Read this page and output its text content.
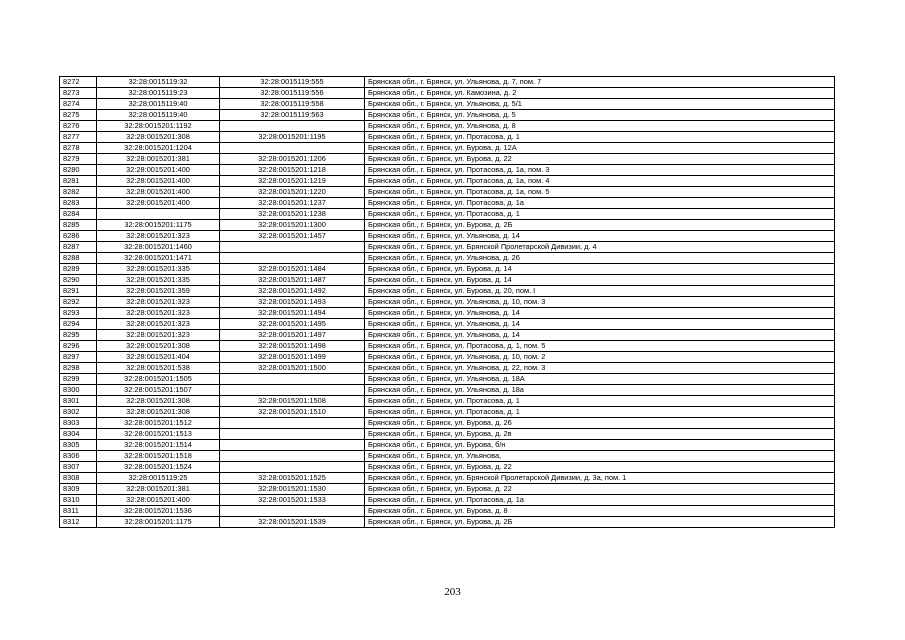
8272	32:28:0015119:32	32:28:0015119:555	Брянская обл., г. Брянск, ул. Ульянова, д. 7, пом. 7
8273	32:28:0015119:23	32:28:0015119:556	Брянская обл., г. Брянск, ул. Камозина, д. 2
8274	32:28:0015119:40	32:28:0015119:558	Брянская обл., г. Брянск, ул. Ульянова, д. 5/1
8275	32:28:0015119:40	32:28:0015119:563	Брянская обл., г. Брянск, ул. Ульянова, д. 5
8276	32:28:0015201:1192		Брянская обл., г. Брянск, ул. Ульянова, д. 8
8277	32:28:0015201:308	32:28:0015201:1195	Брянская обл., г. Брянск, ул. Протасова, д. 1
8278	32:28:0015201:1204		Брянская обл., г. Брянск, ул. Бурова, д. 12А
8279	32:28:0015201:381	32:28:0015201:1206	Брянская обл., г. Брянск, ул. Бурова, д. 22
8280	32:28:0015201:400	32:28:0015201:1218	Брянская обл., г. Брянск, ул. Протасова, д. 1а, пом. 3
8281	32:28:0015201:400	32:28:0015201:1219	Брянская обл., г. Брянск, ул. Протасова, д. 1а, пом. 4
8282	32:28:0015201:400	32:28:0015201:1220	Брянская обл., г. Брянск, ул. Протасова, д. 1а, пом. 5
8283	32:28:0015201:400	32:28:0015201:1237	Брянская обл., г. Брянск, ул. Протасова, д. 1а
8284		32:28:0015201:1238	Брянская обл., г. Брянск, ул. Протасова, д. 1
8285	32:28:0015201:1175	32:28:0015201:1300	Брянская обл., г. Брянск, ул. Бурова, д. 2Б
8286	32:28:0015201:323	32:28:0015201:1457	Брянская обл., г. Брянск, ул. Ульянова, д. 14
8287	32:28:0015201:1460		Брянская обл., г. Брянск, ул. Брянской Пролетарской Дивизии, д. 4
8288	32:28:0015201:1471		Брянская обл., г. Брянск, ул. Ульянова, д. 26
8289	32:28:0015201:335	32:28:0015201:1484	Брянская обл., г. Брянск, ул. Бурова, д. 14
8290	32:28:0015201:335	32:28:0015201:1487	Брянская обл., г. Брянск, ул. Бурова, д. 14
8291	32:28:0015201:359	32:28:0015201:1492	Брянская обл., г. Брянск, ул. Бурова, д. 20, пом. I
8292	32:28:0015201:323	32:28:0015201:1493	Брянская обл., г. Брянск, ул. Ульянова, д. 10, пом. 3
8293	32:28:0015201:323	32:28:0015201:1494	Брянская обл., г. Брянск, ул. Ульянова, д. 14
8294	32:28:0015201:323	32:28:0015201:1495	Брянская обл., г. Брянск, ул. Ульянова, д. 14
8295	32:28:0015201:323	32:28:0015201:1497	Брянская обл., г. Брянск, ул. Ульянова, д. 14
8296	32:28:0015201:308	32:28:0015201:1498	Брянская обл., г. Брянск, ул. Протасова, д. 1, пом. 5
8297	32:28:0015201:404	32:28:0015201:1499	Брянская обл., г. Брянск, ул. Ульянова, д. 10, пом. 2
8298	32:28:0015201:538	32:28:0015201:1500	Брянская обл., г. Брянск, ул. Ульянова, д. 22, пом. 3
8299	32:28:0015201:1505		Брянская обл., г. Брянск, ул. Ульянова, д. 18А
8300	32:28:0015201:1507		Брянская обл., г. Брянск, ул. Ульянова, д. 18а
8301	32:28:0015201:308	32:28:0015201:1508	Брянская обл., г. Брянск, ул. Протасова, д. 1
8302	32:28:0015201:308	32:28:0015201:1510	Брянская обл., г. Брянск, ул. Протасова, д. 1
8303	32:28:0015201:1512		Брянская обл., г. Брянск, ул. Бурова, д. 26
8304	32:28:0015201:1513		Брянская обл., г. Брянск, ул. Бурова, д. 2в
8305	32:28:0015201:1514		Брянская обл., г. Брянск, ул. Бурова, б/н
8306	32:28:0015201:1518		Брянская обл., г. Брянск, ул. Ульянова,
8307	32:28:0015201:1524		Брянская обл., г. Брянск, ул. Бурова, д. 22
8308	32:28:0015119:25	32:28:0015201:1525	Брянская обл., г. Брянск, ул. Брянской Пролетарской Дивизии, д. 3а, пом. 1
8309	32:28:0015201:381	32:28:0015201:1530	Брянская обл., г. Брянск, ул. Бурова, д. 22
8310	32:28:0015201:400	32:28:0015201:1533	Брянская обл., г. Брянск, ул. Протасова, д. 1а
8311	32:28:0015201:1536		Брянская обл., г. Брянск, ул. Бурова, д. 8
8312	32:28:0015201:1175	32:28:0015201:1539	Брянская обл., г. Брянск, ул. Бурова, д. 2Б
203
